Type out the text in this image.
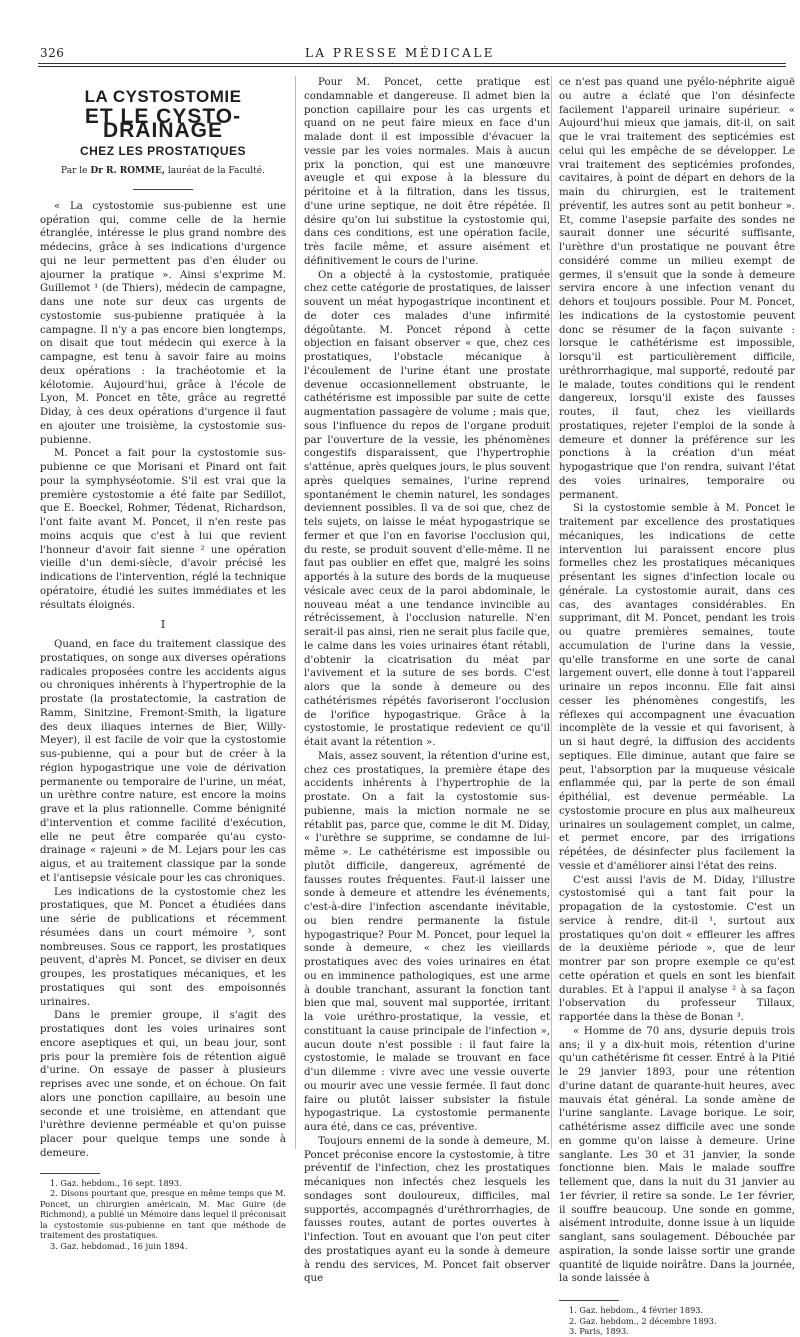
326	LA PRESSE MÉDICALE
LA CYSTOSTOMIE
ET LE CYSTO-DRAINAGE
CHEZ LES PROSTATIQUES
Par le Dr R. ROMME, lauréat de la Faculté.

« La cystostomie sus-pubienne est une opération qui, comme celle de la hernie étranglée, intéresse le plus grand nombre des médecins, grâce à ses indications d'urgence qui ne leur permettent pas d'en éluder ou ajourner la pratique ». Ainsi s'exprime M. Guillemot ¹ (de Thiers), médecin de campagne, dans une note sur deux cas urgents de cystostomie sus-pubienne pratiquée à la campagne. Il n'y a pas encore bien longtemps, on disait que tout médecin qui exerce à la campagne, est tenu à savoir faire au moins deux opérations : la trachéotomie et la kélotomie. Aujourd'hui, grâce à l'école de Lyon, M. Poncet en tête, grâce au regretté Diday, à ces deux opérations d'urgence il faut en ajouter une troisième, la cystostomie sus-pubienne.

M. Poncet a fait pour la cystostomie sus-pubienne ce que Morisani et Pinard ont fait pour la symphyséotomie. S'il est vrai que la première cystostomie a été faite par Sedillot, que E. Boeckel, Rohmer, Tédenat, Richardson, l'ont faite avant M. Poncet, il n'en reste pas moins acquis que c'est à lui que revient l'honneur d'avoir fait sienne ² une opération vieille d'un demi-siècle, d'avoir précisé les indications de l'intervention, réglé la technique opératoire, étudié les suites immédiates et les résultats éloignés.

I

Quand, en face du traitement classique des prostatiques, on songe aux diverses opérations radicales proposées contre les accidents aigus ou chroniques inhérents à l'hypertrophie de la prostate (la prostatectomie, la castration de Ramm, Sinitzine, Fremont-Smith, la ligature des deux iliaques internes de Bier, Willy-Meyer), il est facile de voir que la cystostomie sus-pubienne, qui a pour but de créer à la région hypogastrique une voie de dérivation permanente ou temporaire de l'urine, un méat, un urèthre contre nature, est encore la moins grave et la plus rationnelle. Comme bénignité d'intervention et comme facilité d'exécution, elle ne peut être comparée qu'au cysto-drainage « rajeuni » de M. Lejars pour les cas aigus, et au traitement classique par la sonde et l'antisepsie vésicale pour les cas chroniques.

Les indications de la cystostomie chez les prostatiques, que M. Poncet a étudiées dans une série de publications et récemment résumées dans un court mémoire ³, sont nombreuses. Sous ce rapport, les prostatiques peuvent, d'après M. Poncet, se diviser en deux groupes, les prostatiques mécaniques, et les prostatiques qui sont des empoisonnés urinaires.

Dans le premier groupe, il s'agit des prostatiques dont les voies urinaires sont encore aseptiques et qui, un beau jour, sont pris pour la première fois de rétention aiguë d'urine. On essaye de passer à plusieurs reprises avec une sonde, et on échoue. On fait alors une ponction capillaire, au besoin une seconde et une troisième, en attendant que l'urèthre devienne perméable et qu'on puisse placer pour quelque temps une sonde à demeure.

1. Gaz. hebdom., 16 sept. 1893.

2. Disons pourtant que, presque en même temps que M. Poncet, un chirurgien américain, M. Mac Guire (de Richmond), a publié un Mémoire dans lequel il préconisait la cystostomie sus-pubienne en tant que méthode de traitement des prostatiques.

3. Gaz. hebdomad., 16 juin 1894.

Pour M. Poncet, cette pratique est condamnable et dangereuse. Il admet bien la ponction capillaire pour les cas urgents et quand on ne peut faire mieux en face d'un malade dont il est impossible d'évacuer la vessie par les voies normales. Mais à aucun prix la ponction, qui est une manœuvre aveugle et qui expose à la blessure du péritoine et à la filtration, dans les tissus, d'une urine septique, ne doit être répétée. Il désire qu'on lui substitue la cystostomie qui, dans ces conditions, est une opération facile, très facile même, et assure aisément et définitivement le cours de l'urine.

On a objecté à la cystostomie, pratiquée chez cette catégorie de prostatiques, de laisser souvent un méat hypogastrique incontinent et de doter ces malades d'une infirmité dégoûtante. M. Poncet répond à cette objection en faisant observer « que, chez ces prostatiques, l'obstacle mécanique à l'écoulement de l'urine étant une prostate devenue occasionnellement obstruante, le cathétérisme est impossible par suite de cette augmentation passagère de volume ; mais que, sous l'influence du repos de l'organe produit par l'ouverture de la vessie, les phénomènes congestifs disparaissent, que l'hypertrophie s'atténue, après quelques jours, le plus souvent après quelques semaines, l'urine reprend spontanément le chemin naturel, les sondages deviennent possibles. Il va de soi que, chez de tels sujets, on laisse le méat hypogastrique se fermer et que l'on en favorise l'occlusion qui, du reste, se produit souvent d'elle-même. Il ne faut pas oublier en effet que, malgré les soins apportés à la suture des bords de la muqueuse vésicale avec ceux de la paroi abdominale, le nouveau méat a une tendance invincible au rétrécissement, à l'occlusion naturelle. N'en serait-il pas ainsi, rien ne serait plus facile que, le calme dans les voies urinaires étant rétabli, d'obtenir la cicatrisation du méat par l'avivement et la suture de ses bords. C'est alors que la sonde à demeure ou des cathétérismes répétés favoriseront l'occlusion de l'orifice hypogastrique. Grâce à la cystostomie, le prostatique redevient ce qu'il était avant la rétention ».

Mais, assez souvent, la rétention d'urine est, chez ces prostatiques, la première étape des accidents inhérents à l'hypertrophie de la prostate. On a fait la cystostomie sus-pubienne, mais la miction normale ne se rétablit pas, parce que, comme le dit M. Diday, « l'urèthre se supprime, se condamne de lui-même ». Le cathétérisme est impossible ou plutôt difficile, dangereux, agrémenté de fausses routes fréquentes. Faut-il laisser une sonde à demeure et attendre les événements, c'est-à-dire l'infection ascendante inévitable, ou bien rendre permanente la fistule hypogastrique? Pour M. Poncet, pour lequel la sonde à demeure, « chez les vieillards prostatiques avec des voies urinaires en état ou en imminence pathologiques, est une arme à double tranchant, assurant la fonction tant bien que mal, souvent mal supportée, irritant la voie uréthro-prostatique, la vessie, et constituant la cause principale de l'infection », aucun doute n'est possible : il faut faire la cystostomie, le malade se trouvant en face d'un dilemme : vivre avec une vessie ouverte ou mourir avec une vessie fermée. Il faut donc faire ou plutôt laisser subsister la fistule hypogastrique. La cystostomie permanente aura été, dans ce cas, préventive.

Toujours ennemi de la sonde à demeure, M. Poncet préconise encore la cystostomie, à titre préventif de l'infection, chez les prostatiques mécaniques non infectés chez lesquels les sondages sont douloureux, difficiles, mal supportés, accompagnés d'uréthrorrhagies, de fausses routes, autant de portes ouvertes à l'infection. Tout en avouant que l'on peut citer des prostatiques ayant eu la sonde à demeure à rendu des services, M. Poncet fait observer que

ce n'est pas quand une pyélo-néphrite aiguë ou autre a éclaté que l'on désinfecte facilement l'appareil urinaire supérieur. « Aujourd'hui mieux que jamais, dit-il, on sait que le vrai traitement des septicémies est celui qui les empêche de se développer. Le vrai traitement des septicémies profondes, cavitaires, à point de départ en dehors de la main du chirurgien, est le traitement préventif, les autres sont au petit bonheur ». Et, comme l'asepsie parfaite des sondes ne saurait donner une sécurité suffisante, l'urèthre d'un prostatique ne pouvant être considéré comme un milieu exempt de germes, il s'ensuit que la sonde à demeure servira encore à une infection venant du dehors et toujours possible. Pour M. Poncet, les indications de la cystostomie peuvent donc se résumer de la façon suivante : lorsque le cathétérisme est impossible, lorsqu'il est particulièrement difficile, uréthrorrhagique, mal supporté, redouté par le malade, toutes conditions qui le rendent dangereux, lorsqu'il existe des fausses routes, il faut, chez les vieillards prostatiques, rejeter l'emploi de la sonde à demeure et donner la préférence sur les ponctions à la création d'un méat hypogastrique que l'on rendra, suivant l'état des voies urinaires, temporaire ou permanent.

Si la cystostomie semble à M. Poncet le traitement par excellence des prostatiques mécaniques, les indications de cette intervention lui paraissent encore plus formelles chez les prostatiques mécaniques présentant les signes d'infection locale ou générale. La cystostomie aurait, dans ces cas, des avantages considérables. En supprimant, dit M. Poncet, pendant les trois ou quatre premières semaines, toute accumulation de l'urine dans la vessie, qu'elle transforme en une sorte de canal largement ouvert, elle donne à tout l'appareil urinaire un repos inconnu. Elle fait ainsi cesser les phénomènes congestifs, les réflexes qui accompagnent une évacuation incomplète de la vessie et qui favorisent, à un si haut degré, la diffusion des accidents septiques. Elle diminue, autant que faire se peut, l'absorption par la muqueuse vésicale enflammée qui, par la perte de son émail épithélial, est devenue perméable. La cystostomie procure en plus aux malheureux urinaires un soulagement complet, un calme, et permet encore, par des irrigations répétées, de désinfecter plus facilement la vessie et d'améliorer ainsi l'état des reins.

C'est aussi l'avis de M. Diday, l'illustre cystostomisé qui a tant fait pour la propagation de la cystostomie. C'est un service à rendre, dit-il ¹, surtout aux prostatiques qu'on doit « effleurer les affres de la deuxième période », que de leur montrer par son propre exemple ce qu'est cette opération et quels en sont les bienfait durables. Et à l'appui il analyse ² à sa façon l'observation du professeur Tillaux, rapportée dans la thèse de Bonan ³.

« Homme de 70 ans, dysurie depuis trois ans; il y a dix-huit mois, rétention d'urine qu'un cathétérisme fit cesser. Entré à la Pitié le 29 janvier 1893, pour une rétention d'urine datant de quarante-huit heures, avec mauvais état général. La sonde amène de l'urine sanglante. Lavage borique. Le soir, cathétérisme assez difficile avec une sonde en gomme qu'on laisse à demeure. Urine sanglante. Les 30 et 31 janvier, la sonde fonctionne bien. Mais le malade souffre tellement que, dans la nuit du 31 janvier au 1er février, il retire sa sonde. Le 1er février, il souffre beaucoup. Une sonde en gomme, aisément introduite, donne issue à un liquide sanglant, sans soulagement. Débouchée par aspiration, la sonde laisse sortir une grande quantité de liquide noirâtre. Dans la journée, la sonde laissée à

1. Gaz. hebdom., 4 février 1893.

2. Gaz. hebdom., 2 décembre 1893.

3. Paris, 1893.
